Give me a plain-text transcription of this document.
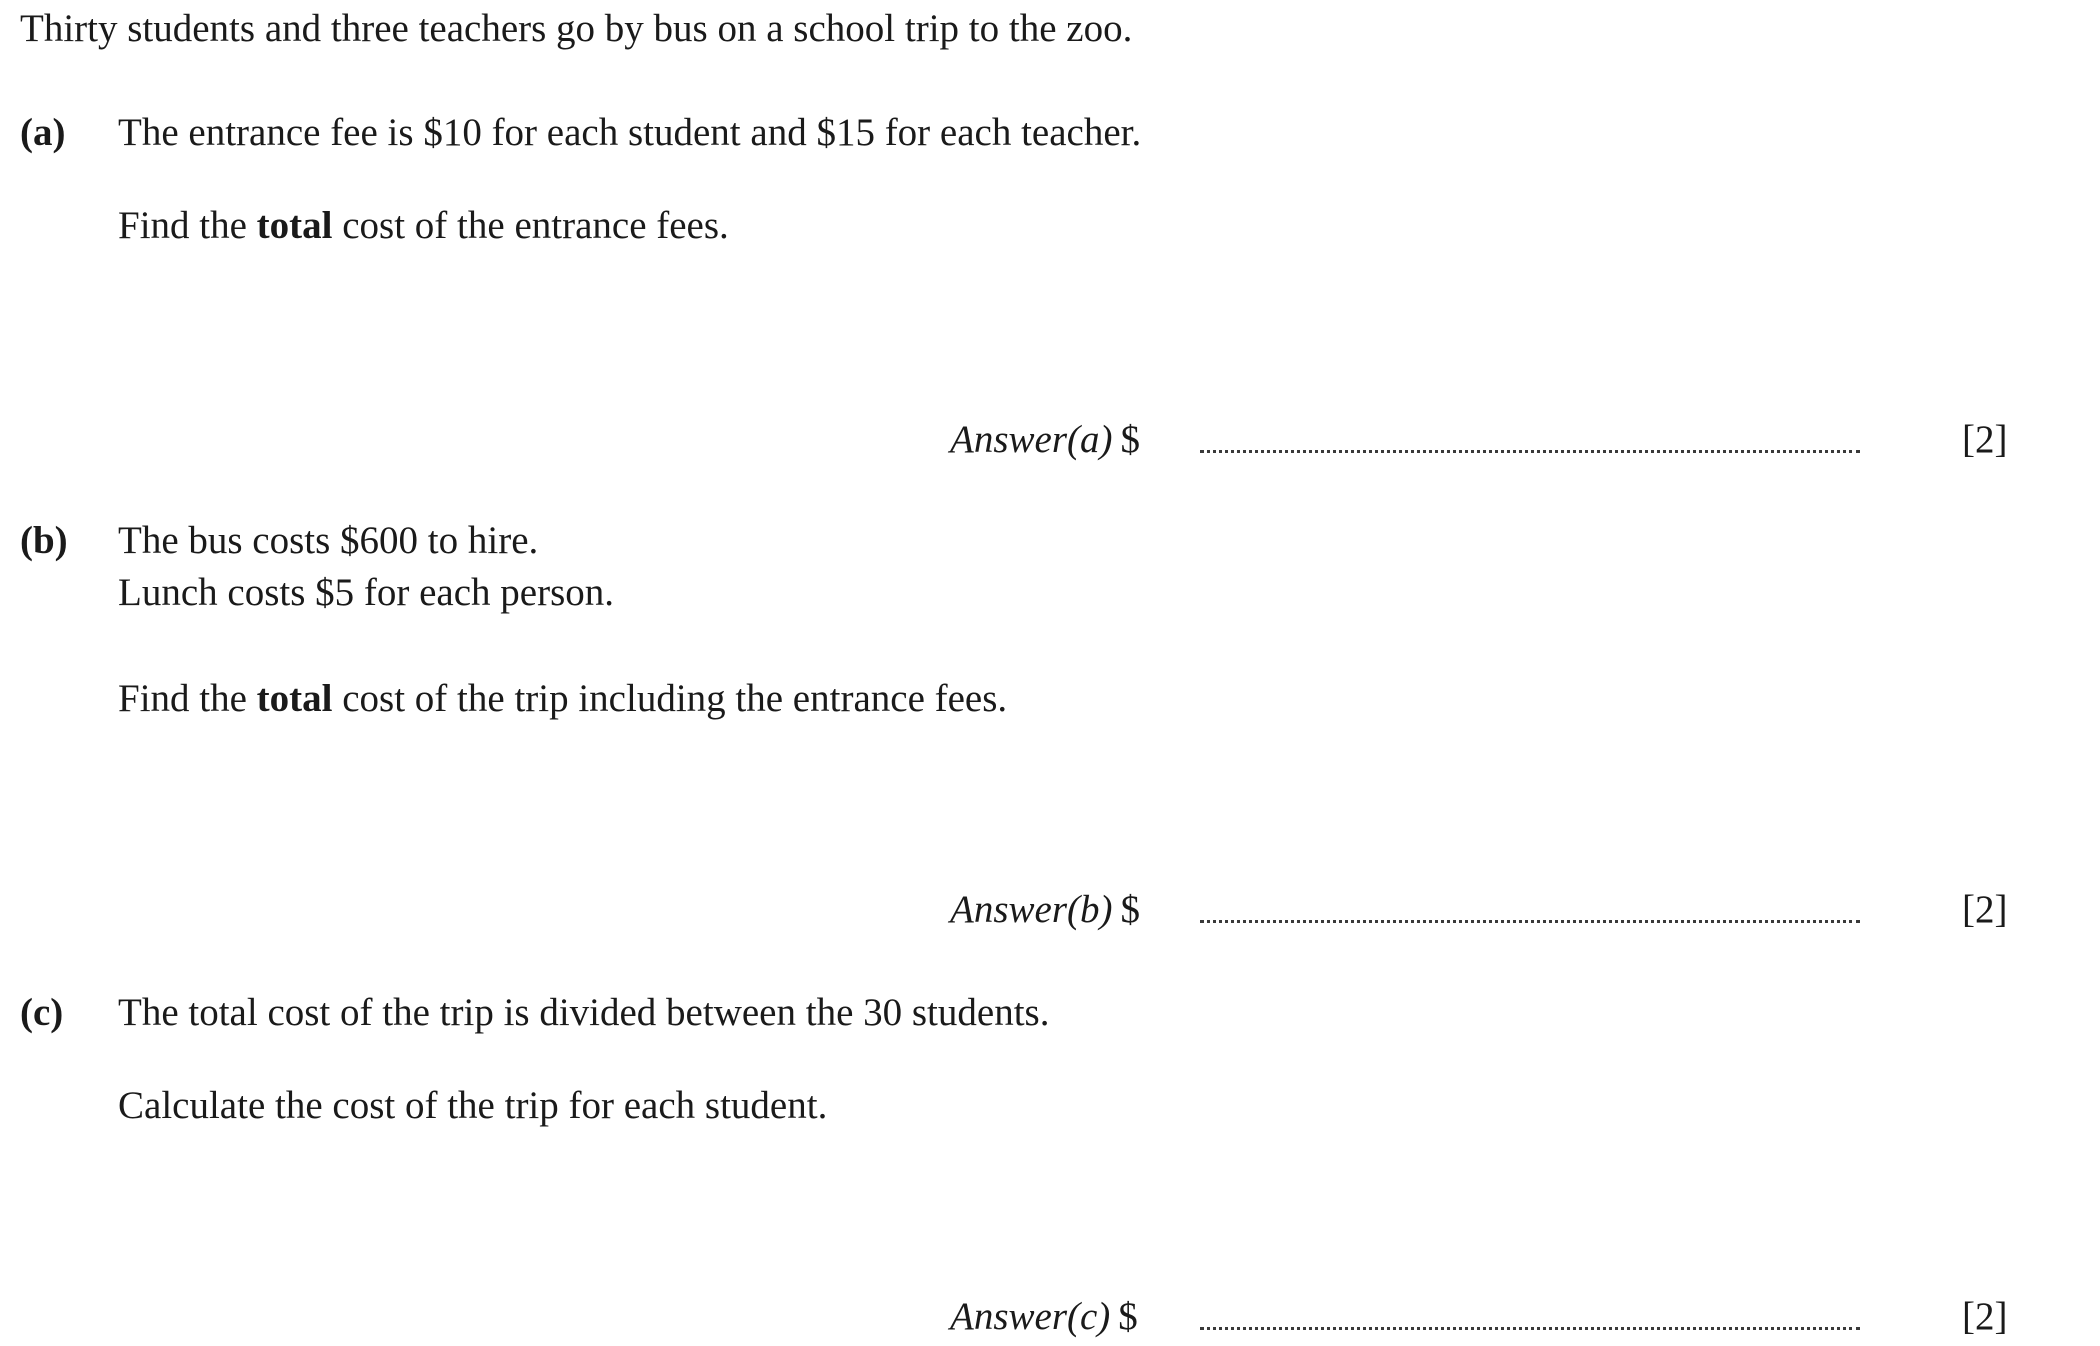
Thirty students and three teachers go by bus on a school trip to the zoo.
(a) The entrance fee is $10 for each student and $15 for each teacher.
Find the total cost of the entrance fees.
Answer(a) $	[2]
(b) The bus costs $600 to hire.
Lunch costs $5 for each person.
Find the total cost of the trip including the entrance fees.
Answer(b) $	[2]
(c) The total cost of the trip is divided between the 30 students.
Calculate the cost of the trip for each student.
Answer(c) $	[2]
